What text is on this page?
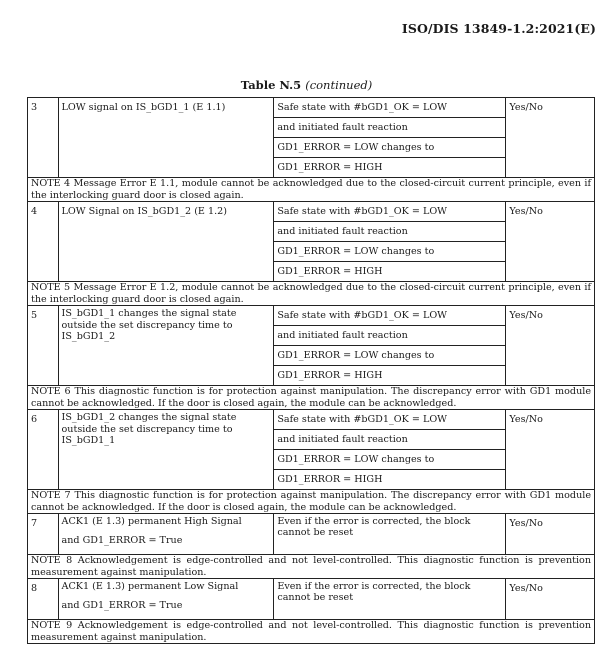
ISO/DIS 13849-1.2:2021(E)
Table N.5 (continued)
3	LOW signal on IS_bGD1_1 (E 1.1)	Safe state with #bGD1_OK = LOW
and initiated fault reaction
GD1_ERROR = LOW changes to
GD1_ERROR = HIGH	Yes/No
NOTE 4 Message Error E 1.1, module cannot be acknowledged due to the closed-circuit current principle, even if the interlocking guard door is closed again.			
4	LOW Signal on IS_bGD1_2 (E 1.2)	Safe state with #bGD1_OK = LOW
and initiated fault reaction
GD1_ERROR = LOW changes to
GD1_ERROR = HIGH	Yes/No
NOTE 5 Message Error E 1.2, module cannot be acknowledged due to the closed-circuit current principle, even if the interlocking guard door is closed again.			
5	IS_bGD1_1 changes the signal state outside the set discrepancy time to IS_bGD1_2	Safe state with #bGD1_OK = LOW
and initiated fault reaction
GD1_ERROR = LOW changes to
GD1_ERROR = HIGH	Yes/No
NOTE 6 This diagnostic function is for protection against manipulation. The discrepancy error with GD1 module cannot be acknowledged. If the door is closed again, the module can be acknowledged.			
6	IS_bGD1_2 changes the signal state outside the set discrepancy time to IS_bGD1_1	Safe state with #bGD1_OK = LOW
and initiated fault reaction
GD1_ERROR = LOW changes to
GD1_ERROR = HIGH	Yes/No
NOTE 7 This diagnostic function is for protection against manipulation. The discrepancy error with GD1 module cannot be acknowledged. If the door is closed again, the module can be acknowledged.			
7	ACK1 (E 1.3) permanent High Signal
and GD1_ERROR = True	Even if the error is corrected, the block cannot be reset	Yes/No
NOTE 8 Acknowledgement is edge-controlled and not level-controlled. This diagnostic function is prevention measurement against manipulation.			
8	ACK1 (E 1.3) permanent Low Signal
and GD1_ERROR = True	Even if the error is corrected, the block cannot be reset	Yes/No
NOTE 9 Acknowledgement is edge-controlled and not level-controlled. This diagnostic function is prevention measurement against manipulation.			
